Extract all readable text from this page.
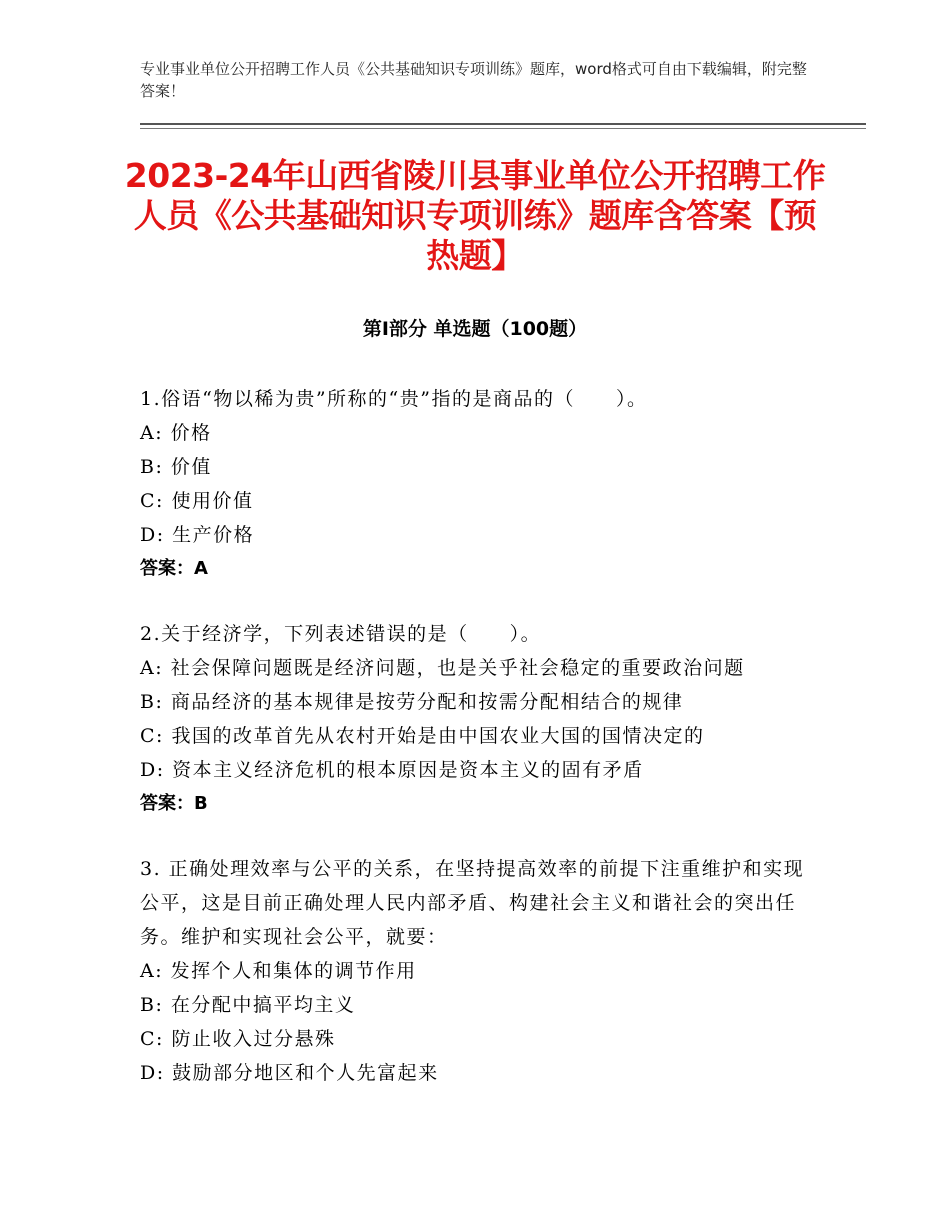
专业事业单位公开招聘工作人员《公共基础知识专项训练》题库，word格式可自由下载编辑，附完整答案！
2023-24年山西省陵川县事业单位公开招聘工作人员《公共基础知识专项训练》题库含答案【预热题】
第Ⅰ部分 单选题（100题）
1.俗语“物以稀为贵”所称的“贵”指的是商品的（　　）。
A: 价格
B: 价值
C: 使用价值
D: 生产价格
答案：A
2.关于经济学，下列表述错误的是（　　）。
A: 社会保障问题既是经济问题，也是关乎社会稳定的重要政治问题
B: 商品经济的基本规律是按劳分配和按需分配相结合的规律
C: 我国的改革首先从农村开始是由中国农业大国的国情决定的
D: 资本主义经济危机的根本原因是资本主义的固有矛盾
答案：B
3. 正确处理效率与公平的关系，在坚持提高效率的前提下注重维护和实现公平，这是目前正确处理人民内部矛盾、构建社会主义和谐社会的突出任务。维护和实现社会公平，就要：
A: 发挥个人和集体的调节作用
B: 在分配中搞平均主义
C: 防止收入过分悬殊
D: 鼓励部分地区和个人先富起来
